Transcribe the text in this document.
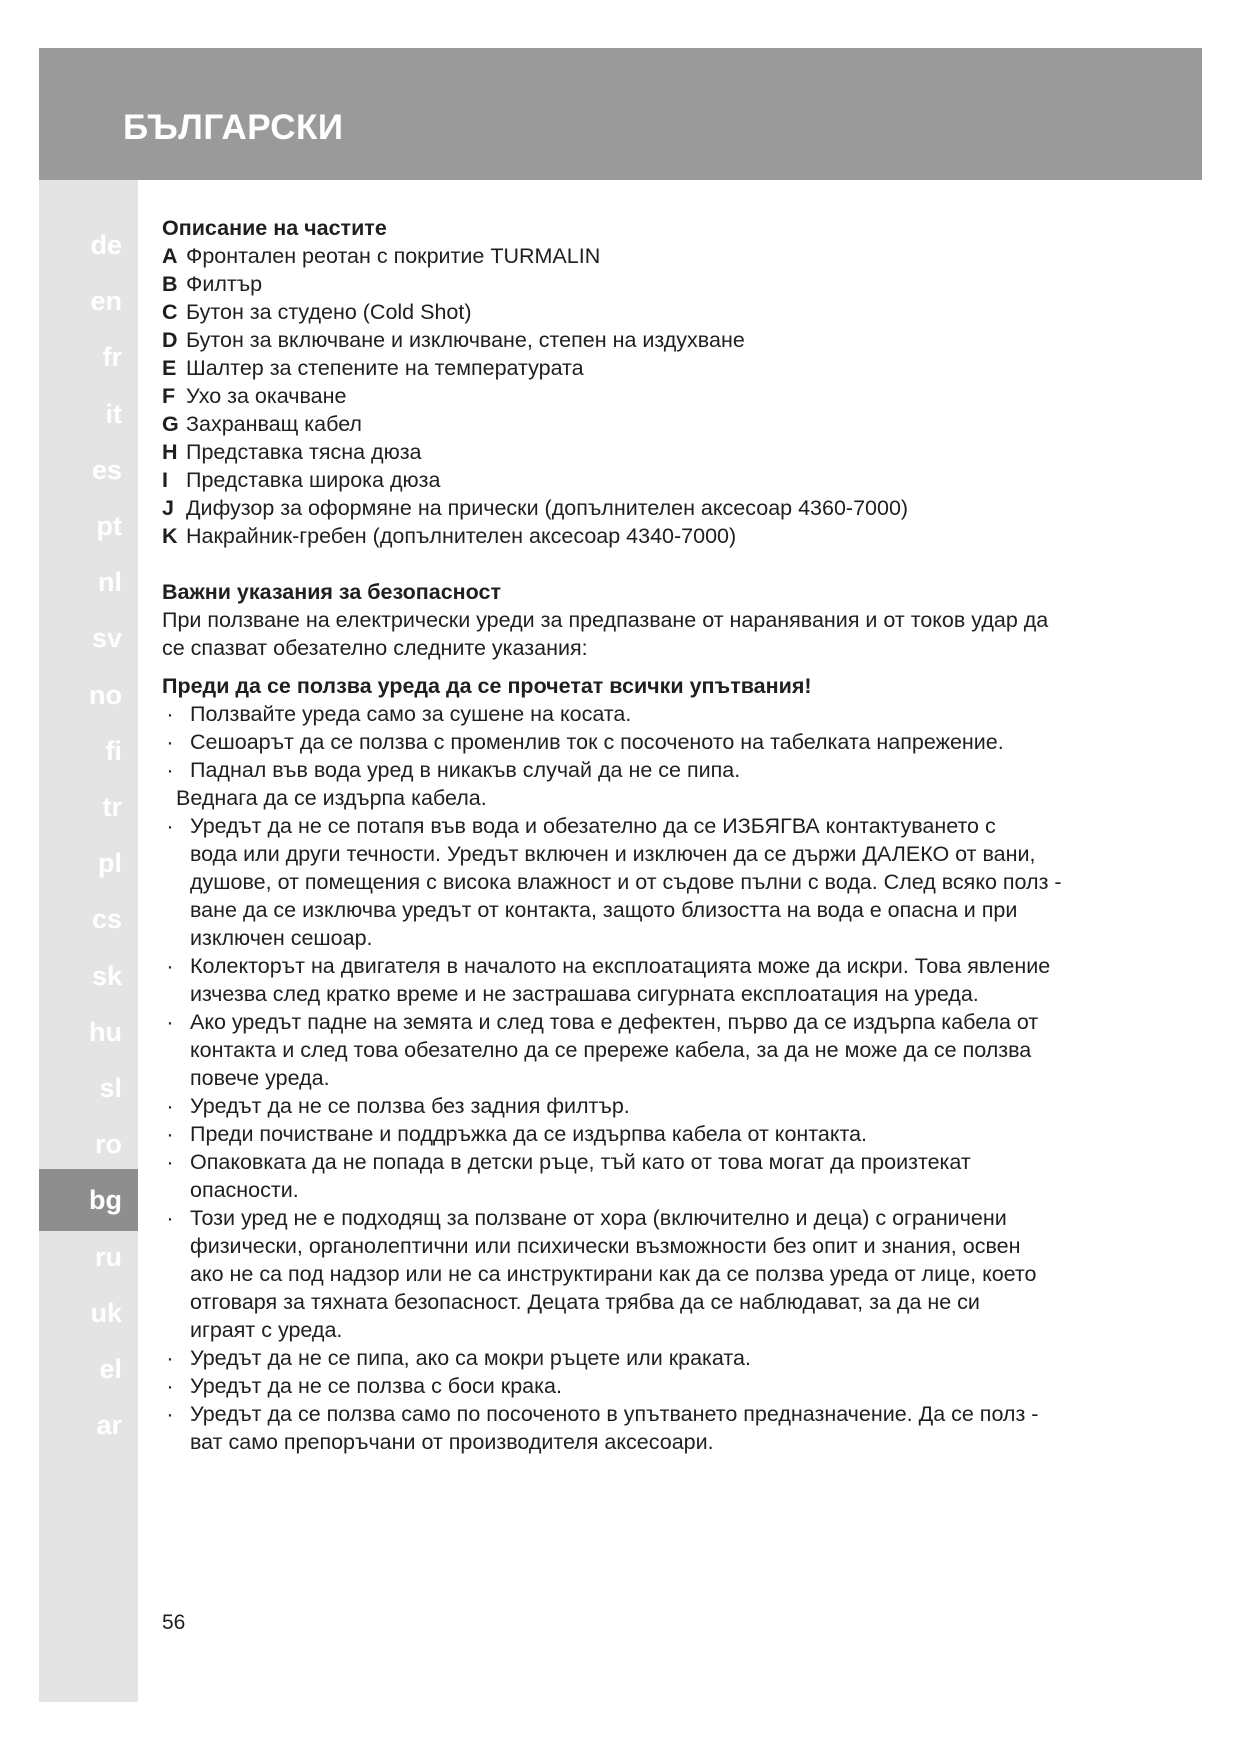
БЪЛГАРСКИ
de
en
fr
it
es
pt
nl
sv
no
fi
tr
pl
cs
sk
hu
sl
ro
bg
ru
uk
el
ar
Описание на частите
A Фронтален реотан с покритие TURMALIN
B Филтър
C Бутон за студено (Cold Shot)
D Бутон за включване и изключване, степен на издухване
E Шалтер за степените на температурата
F Ухо за окачване
G Захранващ кабел
H Представка тясна дюза
I Представка широка дюза
J Дифузор за оформяне на прически (допълнителен аксесоар 4360-7000)
K Накрайник-гребен (допълнителен аксесоар 4340-7000)
Важни указания за безопасност

При ползване на електрически уреди за предпазване от наранявания и от токов удар да
се спазват обезателно следните указания:

Преди да се ползва уреда да се прочетат всички упътвания!
· Ползвайте уреда само за сушене на косата.
· Сешоарът да се ползва с променлив ток с посоченото на табелката напрежение.
· Паднал във вода уред в никакъв случай да не се пипа.
Веднага да се издърпа кабела.
· Уредът да не се потапя във вода и обезателно да се ИЗБЯГВА контактуването с
вода или други течности. Уредът включен и изключен да се държи ДАЛЕКО от вани,
душове, от помещения с висока влажност и от съдове пълни с вода. След всяко полз -
ване да се изключва уредът от контакта, защото близостта на вода е опасна и при
изключен сешоар.
· Колекторът на двигателя в началото на експлоатацията може да искри. Това явление
изчезва след кратко време и не застрашава сигурната експлоатация на уреда.
· Ако уредът падне на земята и след това е дефектен, първо да се издърпа кабела от
контакта и след това обезателно да се прережe кабела, за да не може да се ползва
повече уреда.
· Уредът да не се ползва без задния филтър.
· Преди почистване и поддръжка да се издърпва кабела от контакта.
· Опаковката да не попада в детски ръце, тъй като от това могат да произтекат
опасности.
· Този уред не е подходящ за ползване от хора (включително и деца) с ограничени
физически, органолептични или психически възможности без опит и знания, освен
ако не са под надзор или не са инструктирани как да се ползва уреда от лице, което
отговаря за тяхната безопасност. Децата трябва да се наблюдават, за да не си
играят с уреда.
· Уредът да не се пипа, ако са мокри ръцете или краката.
· Уредът да не се ползва с боси крака.
· Уредът да се ползва само по посоченото в упътването предназначение. Да се полз -
ват само препоръчани от производителя аксесоари.
56
